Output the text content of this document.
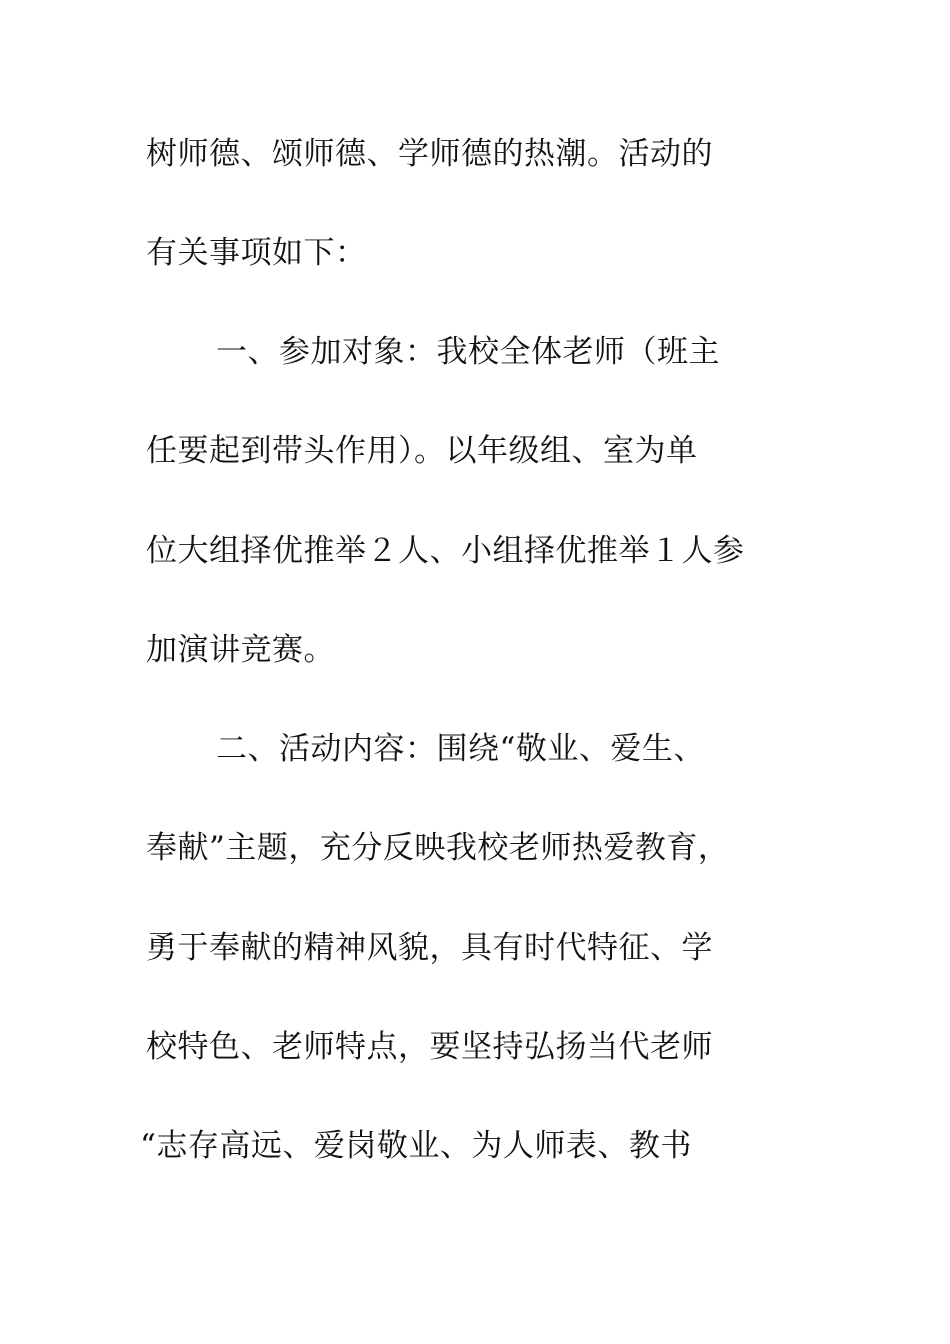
树师德、颂师德、学师德的热潮。活动的
有关事项如下：
一、参加对象：我校全体老师（班主
任要起到带头作用）。以年级组、室为单
位大组择优推举２人、小组择优推举１人参
加演讲竞赛。
二、活动内容：围绕“敬业、爱生、
奉献”主题，充分反映我校老师热爱教育，
勇于奉献的精神风貌，具有时代特征、学
校特色、老师特点，要坚持弘扬当代老师
“志存高远、爱岗敬业、为人师表、教书
